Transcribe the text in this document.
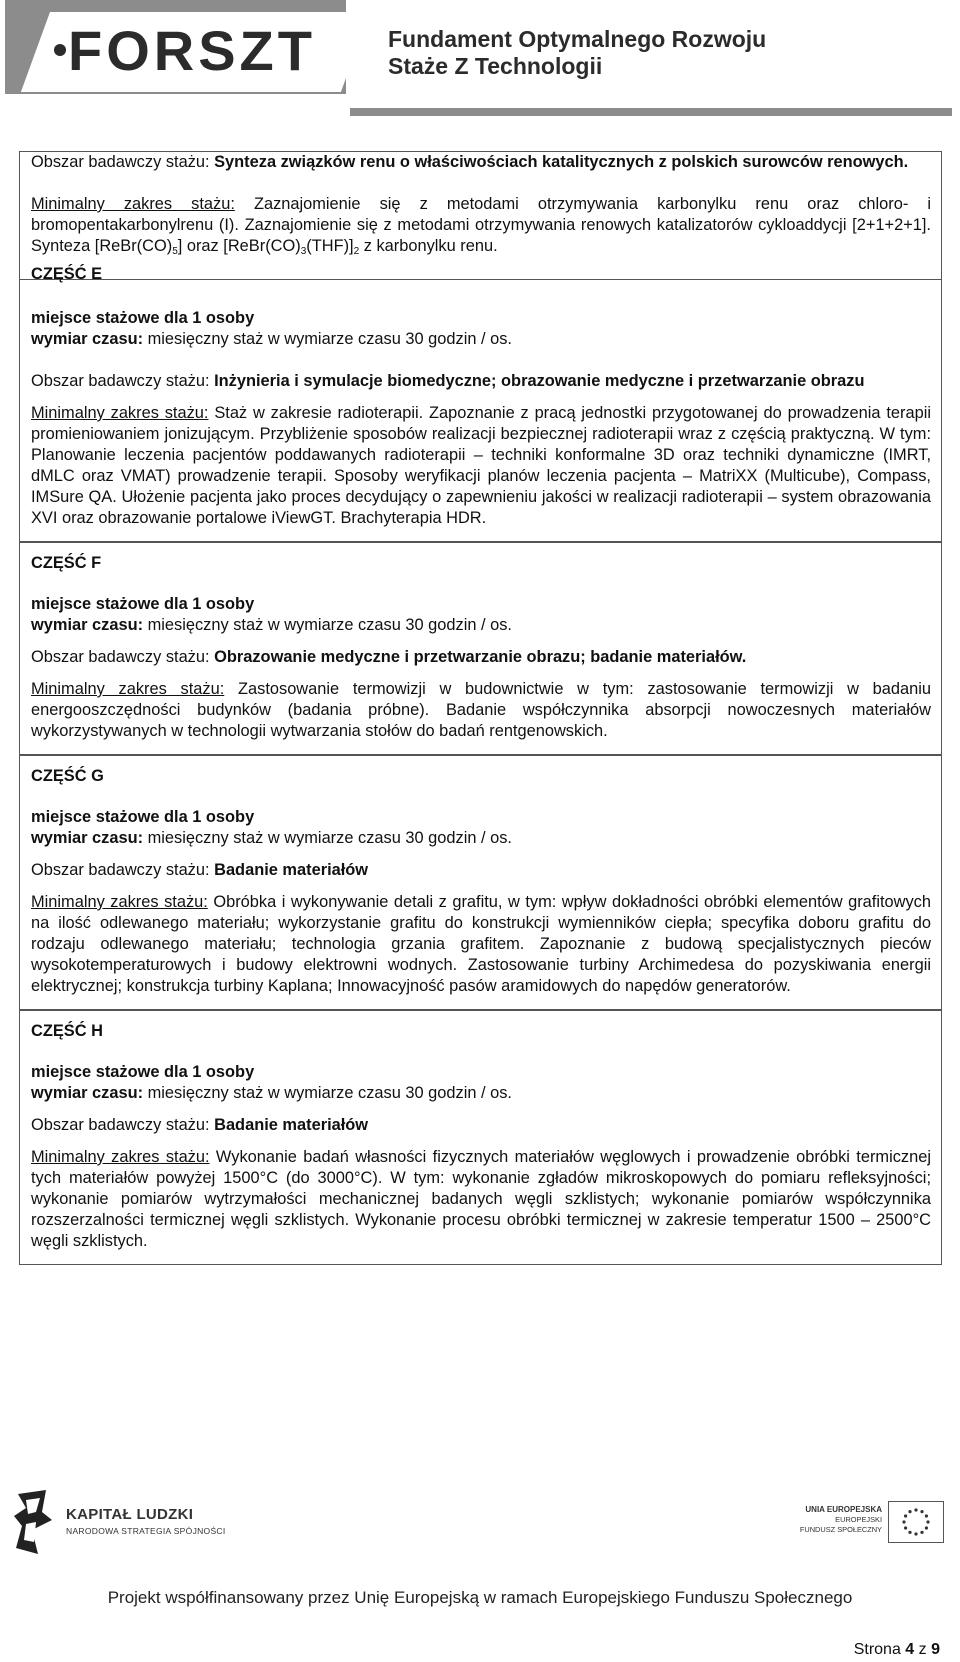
FORSZT	Fundament Optymalnego Rozwoju
Staże Z Technologii

Obszar badawczy stażu: Synteza związków renu o właściwościach katalitycznych z polskich surowców renowych.

Minimalny zakres stażu: Zaznajomienie się z metodami otrzymywania karbonylku renu oraz chloro- i bromopentakarbonylrenu (I). Zaznajomienie się z metodami otrzymywania renowych katalizatorów cykloaddycji [2+1+2+1]. Synteza $[ReBr(CO)_5]$ oraz $[ReBr(CO)_3(THF)]_2$ z karbonylku renu.

CZĘŚĆ E

miejsce stażowe dla 1 osoby

wymiar czasu: miesięczny staż w wymiarze czasu 30 godzin / os.

Obszar badawczy stażu: Inżynieria i symulacje biomedyczne; obrazowanie medyczne i przetwarzanie obrazu

Minimalny zakres stażu: Staż w zakresie radioterapii. Zapoznanie z pracą jednostki przygotowanej do prowadzenia terapii promieniowaniem jonizującym. Przybliżenie sposobów realizacji bezpiecznej radioterapii wraz z częścią praktyczną. W tym: Planowanie leczenia pacjentów poddawanych radioterapii – techniki konformalne 3D oraz techniki dynamiczne (IMRT, dMLC oraz VMAT) prowadzenie terapii. Sposoby weryfikacji planów leczenia pacjenta – MatriXX (Multicube), Compass, IMSure QA. Ułożenie pacjenta jako proces decydujący o zapewnieniu jakości w realizacji radioterapii – system obrazowania XVI oraz obrazowanie portalowe iViewGT. Brachyterapia HDR.

CZĘŚĆ F

miejsce stażowe dla 1 osoby

wymiar czasu: miesięczny staż w wymiarze czasu 30 godzin / os.

Obszar badawczy stażu: Obrazowanie medyczne i przetwarzanie obrazu; badanie materiałów.

Minimalny zakres stażu: Zastosowanie termowizji w budownictwie w tym: zastosowanie termowizji w badaniu energooszczędności budynków (badania próbne). Badanie współczynnika absorpcji nowoczesnych materiałów wykorzystywanych w technologii wytwarzania stołów do badań rentgenowskich.

CZĘŚĆ G

miejsce stażowe dla 1 osoby

wymiar czasu: miesięczny staż w wymiarze czasu 30 godzin / os.

Obszar badawczy stażu: Badanie materiałów

Minimalny zakres stażu: Obróbka i wykonywanie detali z grafitu, w tym: wpływ dokładności obróbki elementów grafitowych na ilość odlewanego materiału; wykorzystanie grafitu do konstrukcji wymienników ciepła; specyfika doboru grafitu do rodzaju odlewanego materiału; technologia grzania grafitem. Zapoznanie z budową specjalistycznych pieców wysokotemperaturowych i budowy elektrowni wodnych. Zastosowanie turbiny Archimedesa do pozyskiwania energii elektrycznej; konstrukcja turbiny Kaplana; Innowacyjność pasów aramidowych do napędów generatorów.

CZĘŚĆ H

miejsce stażowe dla 1 osoby

wymiar czasu: miesięczny staż w wymiarze czasu 30 godzin / os.

Obszar badawczy stażu: Badanie materiałów

Minimalny zakres stażu: Wykonanie badań własności fizycznych materiałów węglowych i prowadzenie obróbki termicznej tych materiałów powyżej 1500°C (do 3000°C). W tym: wykonanie zgładów mikroskopowych do pomiaru refleksyjności; wykonanie pomiarów wytrzymałości mechanicznej badanych węgli szklistych; wykonanie pomiarów współczynnika rozszerzalności termicznej węgli szklistych. Wykonanie procesu obróbki termicznej w zakresie temperatur 1500 – 2500°C węgli szklistych.

KAPITAŁ LUDZKI
NARODOWA STRATEGIA SPÓJNOŚCI
UNIA EUROPEJSKA
EUROPEJSKI
FUNDUSZ SPOŁECZNY
Projekt współfinansowany przez Unię Europejską w ramach Europejskiego Funduszu Społecznego
Strona 4 z 9
